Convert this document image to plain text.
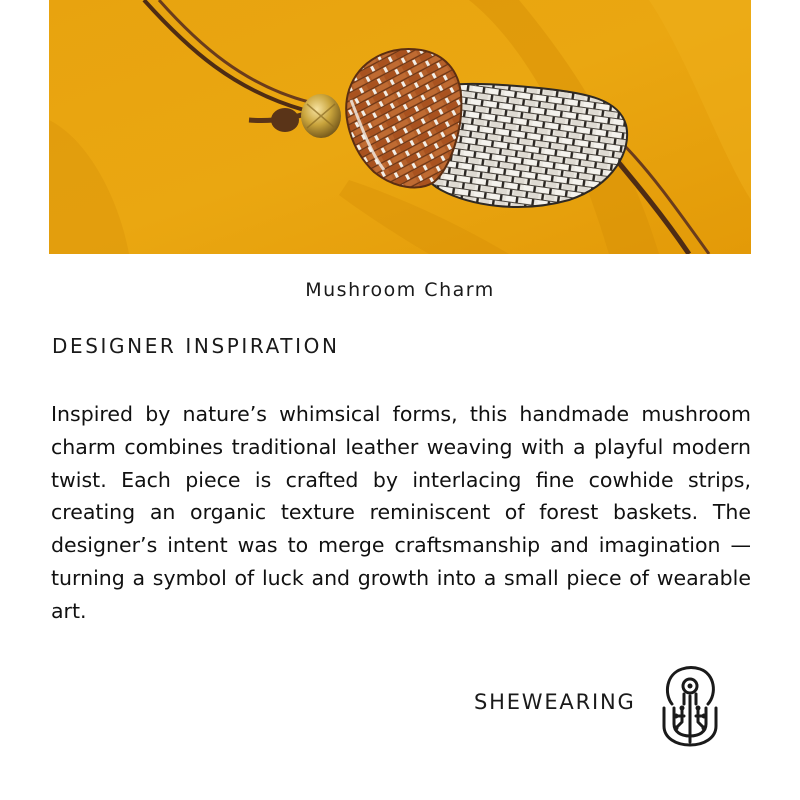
Mushroom Charm
DESIGNER INSPIRATION

Inspired by nature’s whimsical forms, this handmade mushroom charm combines traditional leather weaving with a playful modern twist. Each piece is crafted by interlacing fine cowhide strips, creating an organic texture reminiscent of forest baskets. The designer’s intent was to merge craftsmanship and imagination — turning a symbol of luck and growth into a small piece of wearable art.

SHEWEARING
